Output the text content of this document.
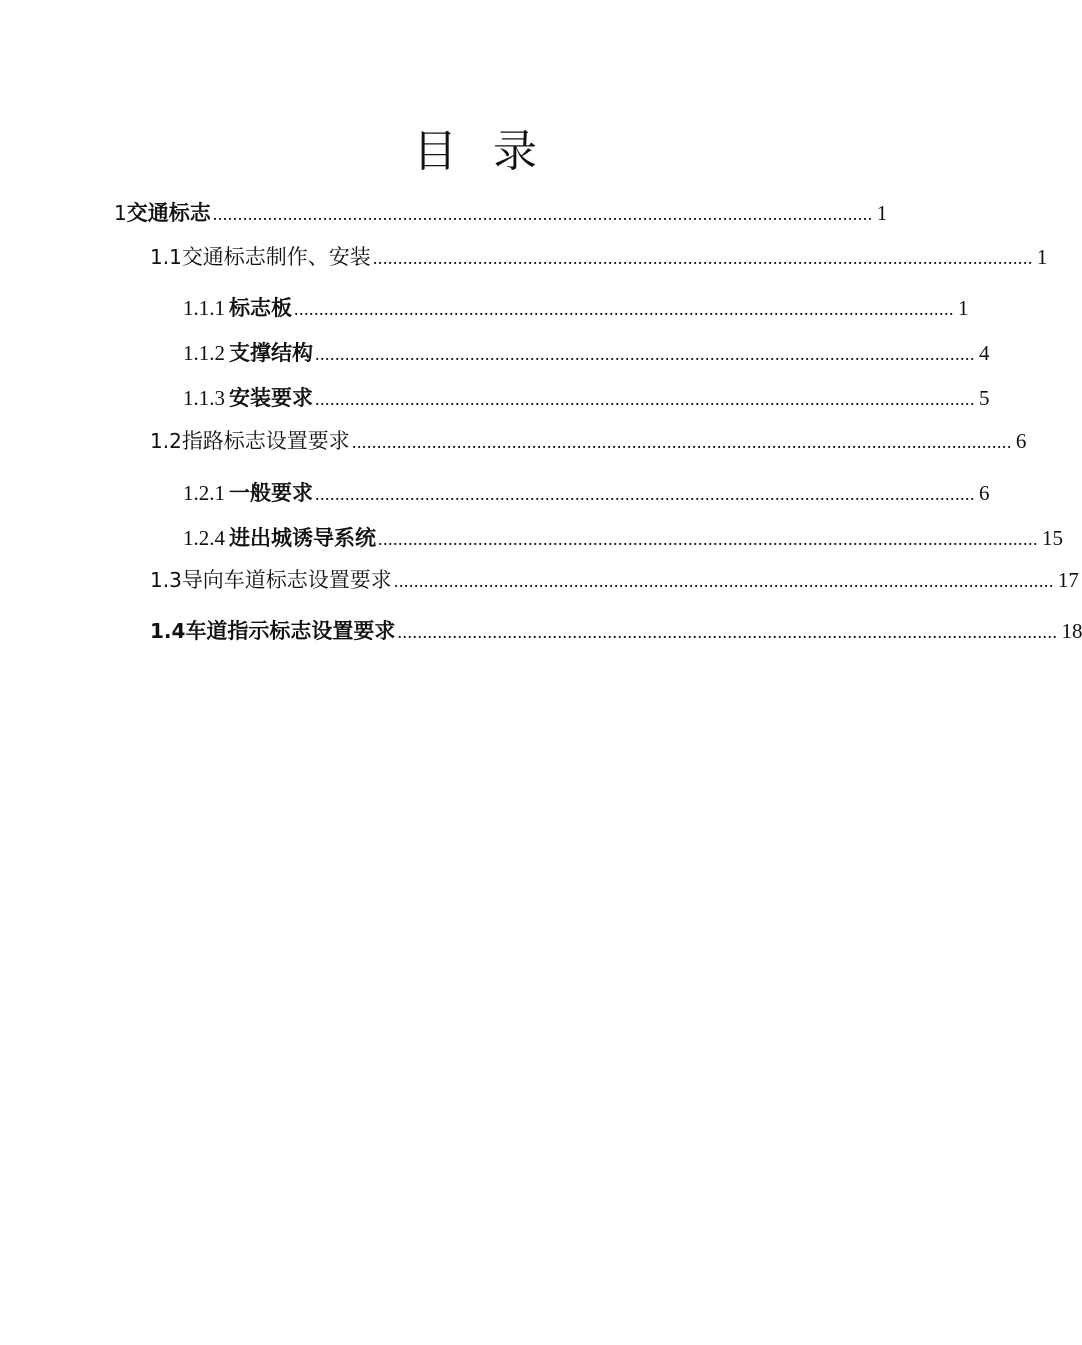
目 录
1 交通标志 .................................................................................................................................... 1
1.1 交通标志制作、安装 .................................................................................................................................... 1
1.1.1 标志板 .................................................................................................................................... 1
1.1.2 支撑结构 .................................................................................................................................... 4
1.1.3 安装要求 .................................................................................................................................... 5
1.2 指路标志设置要求 .................................................................................................................................... 6
1.2.1 一般要求 .................................................................................................................................... 6
1.2.4 进出城诱导系统 .................................................................................................................................... 15
1.3 导向车道标志设置要求 .................................................................................................................................... 17
1.4 车道指示标志设置要求 .................................................................................................................................... 18
